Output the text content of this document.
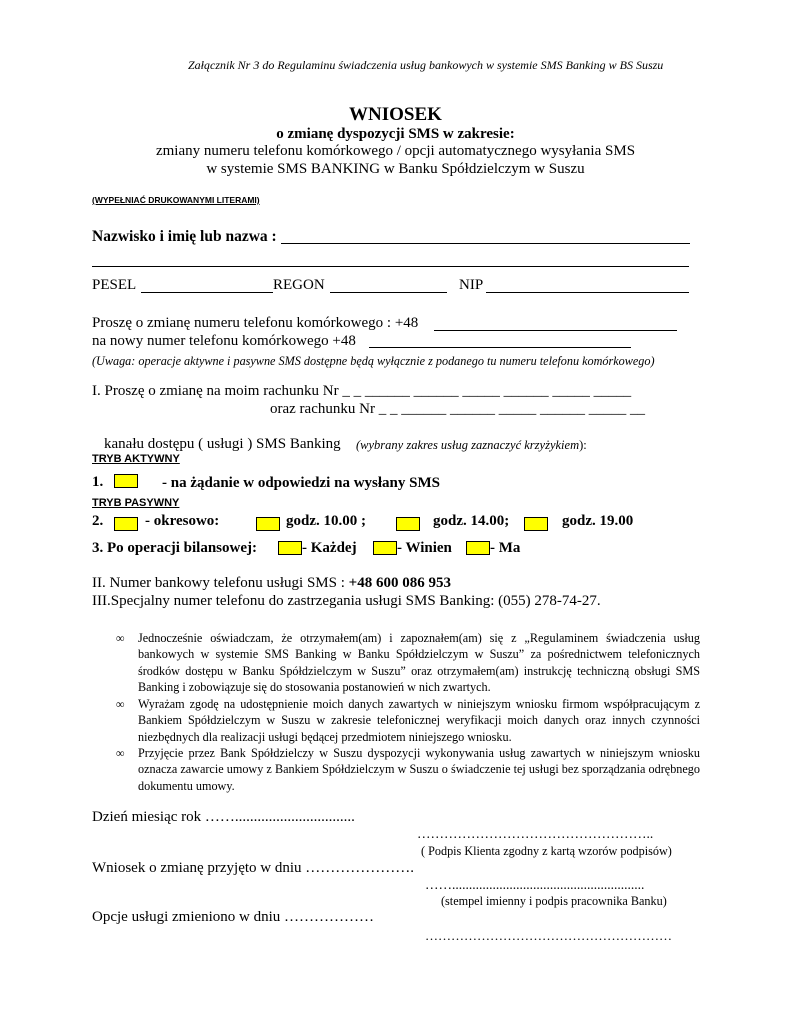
Załącznik Nr 3 do Regulaminu świadczenia usług bankowych w systemie SMS Banking w BS Suszu
WNIOSEK
o zmianę dyspozycji SMS w zakresie:
zmiany numeru telefonu komórkowego / opcji automatycznego wysyłania SMS
w systemie SMS BANKING w Banku Spółdzielczym w Suszu
(WYPEŁNIAĆ DRUKOWANYMI LITERAMI)
Nazwisko i imię lub nazwa :
PESEL	REGON	NIP
Proszę o zmianę numeru telefonu komórkowego : +48
na nowy numer telefonu komórkowego +48
(Uwaga: operacje aktywne i pasywne SMS dostępne będą wyłącznie z podanego tu numeru telefonu komórkowego)
I. Proszę o zmianę na moim rachunku Nr _ _ ______ ______ _____ ______ _____ _____
oraz rachunku Nr _ _ ______ ______ _____ ______ _____ __
kanału dostępu ( usługi ) SMS Banking (wybrany zakres usług zaznaczyć krzyżykiem):
TRYB AKTYWNY
1.	- na żądanie w odpowiedzi na wysłany SMS
TRYB PASYWNY
2.	- okresowo:	godz. 10.00 ;	godz. 14.00;	godz. 19.00
3. Po operacji bilansowej:	- Każdej	- Winien	- Ma
II. Numer bankowy telefonu usługi SMS : +48 600 086 953
III.Specjalny numer telefonu do zastrzegania usługi SMS Banking: (055) 278-74-27.
∞ Jednocześnie oświadczam, że otrzymałem(am) i zapoznałem(am) się z „Regulaminem świadczenia usług bankowych w systemie SMS Banking w Banku Spółdzielczym w Suszu” za pośrednictwem telefonicznych środków dostępu w Banku Spółdzielczym w Suszu” oraz otrzymałem(am) instrukcję techniczną obsługi SMS Banking i zobowiązuje się do stosowania postanowień w nich zwartych.
∞ Wyrażam zgodę na udostępnienie moich danych zawartych w niniejszym wniosku firmom współpracującym z Bankiem Spółdzielczym w Suszu w zakresie telefonicznej weryfikacji moich danych oraz innych czynności niezbędnych dla realizacji usługi będącej przedmiotem niniejszego wniosku.
∞ Przyjęcie przez Bank Spółdzielczy w Suszu dyspozycji wykonywania usług zawartych w niniejszym wniosku oznacza zawarcie umowy z Bankiem Spółdzielczym w Suszu o świadczenie tej usługi bez sporządzania odrębnego dokumentu umowy.
Dzień miesiąc rok ……................................
……………………………………………..
( Podpis Klienta zgodny z kartą wzorów podpisów)
Wniosek o zmianę przyjęto w dniu ………………….
…….........................................................
(stempel imienny i podpis pracownika Banku)
Opcje usługi zmieniono w dniu ………………
…………………………………………………
